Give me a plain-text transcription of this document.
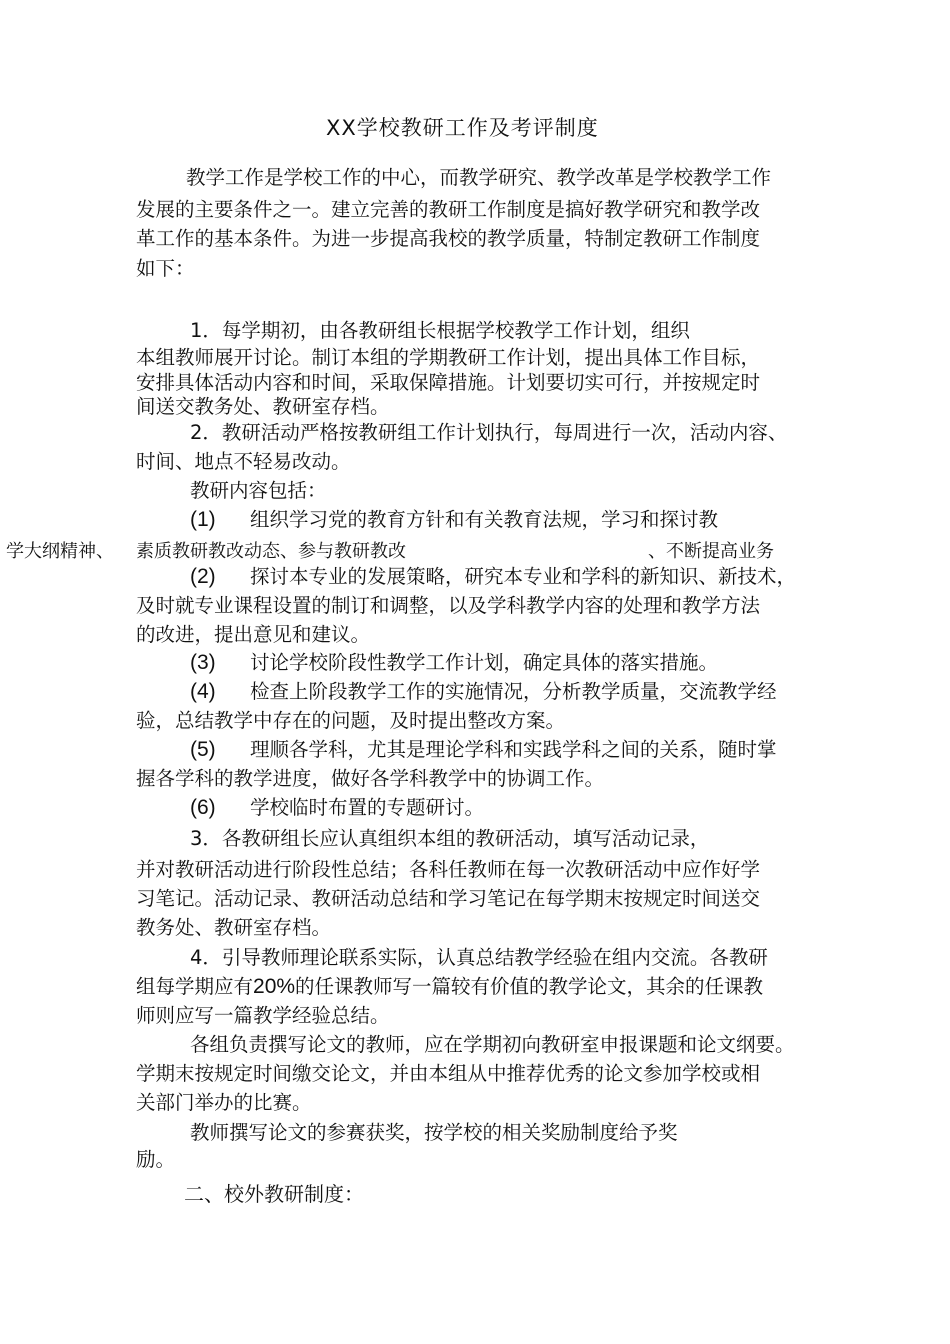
XX学校教研工作及考评制度
教学工作是学校工作的中心，而教学研究、教学改革是学校教学工作
发展的主要条件之一。建立完善的教研工作制度是搞好教学研究和教学改
革工作的基本条件。为进一步提高我校的教学质量，特制定教研工作制度
如下：
1．每学期初，由各教研组长根据学校教学工作计划，组织
本组教师展开讨论。制订本组的学期教研工作计划，提出具体工作目标，
安排具体活动内容和时间，采取保障措施。计划要切实可行，并按规定时
间送交教务处、教研室存档。
2．教研活动严格按教研组工作计划执行，每周进行一次，活动内容、
时间、地点不轻易改动。
教研内容包括：
(1) 组织学习党的教育方针和有关教育法规，学习和探讨教
学大纲精神、 素质 教研教改动态、参与教研教改	、不断提高业务
(2) 探讨本专业的发展策略，研究本专业和学科的新知识、新技术，
及时就专业课程设置的制订和调整，以及学科教学内容的处理和教学方法
的改进，提出意见和建议。
(3) 讨论学校阶段性教学工作计划，确定具体的落实措施。
(4) 检查上阶段教学工作的实施情况，分析教学质量，交流教学经
验，总结教学中存在的问题，及时提出整改方案。
(5) 理顺各学科，尤其是理论学科和实践学科之间的关系，随时掌
握各学科的教学进度，做好各学科教学中的协调工作。
(6) 学校临时布置的专题研讨。
3．各教研组长应认真组织本组的教研活动，填写活动记录，
并对教研活动进行阶段性总结；各科任教师在每一次教研活动中应作好学
习笔记。活动记录、教研活动总结和学习笔记在每学期末按规定时间送交
教务处、教研室存档。
4．引导教师理论联系实际，认真总结教学经验在组内交流。各教研
组每学期应有20%的任课教师写一篇较有价值的教学论文，其余的任课教
师则应写一篇教学经验总结。
各组负责撰写论文的教师，应在学期初向教研室申报课题和论文纲要。
学期末按规定时间缴交论文，并由本组从中推荐优秀的论文参加学校或相
关部门举办的比赛。
教师撰写论文的参赛获奖，按学校的相关奖励制度给予奖
励。
二、校外教研制度：
